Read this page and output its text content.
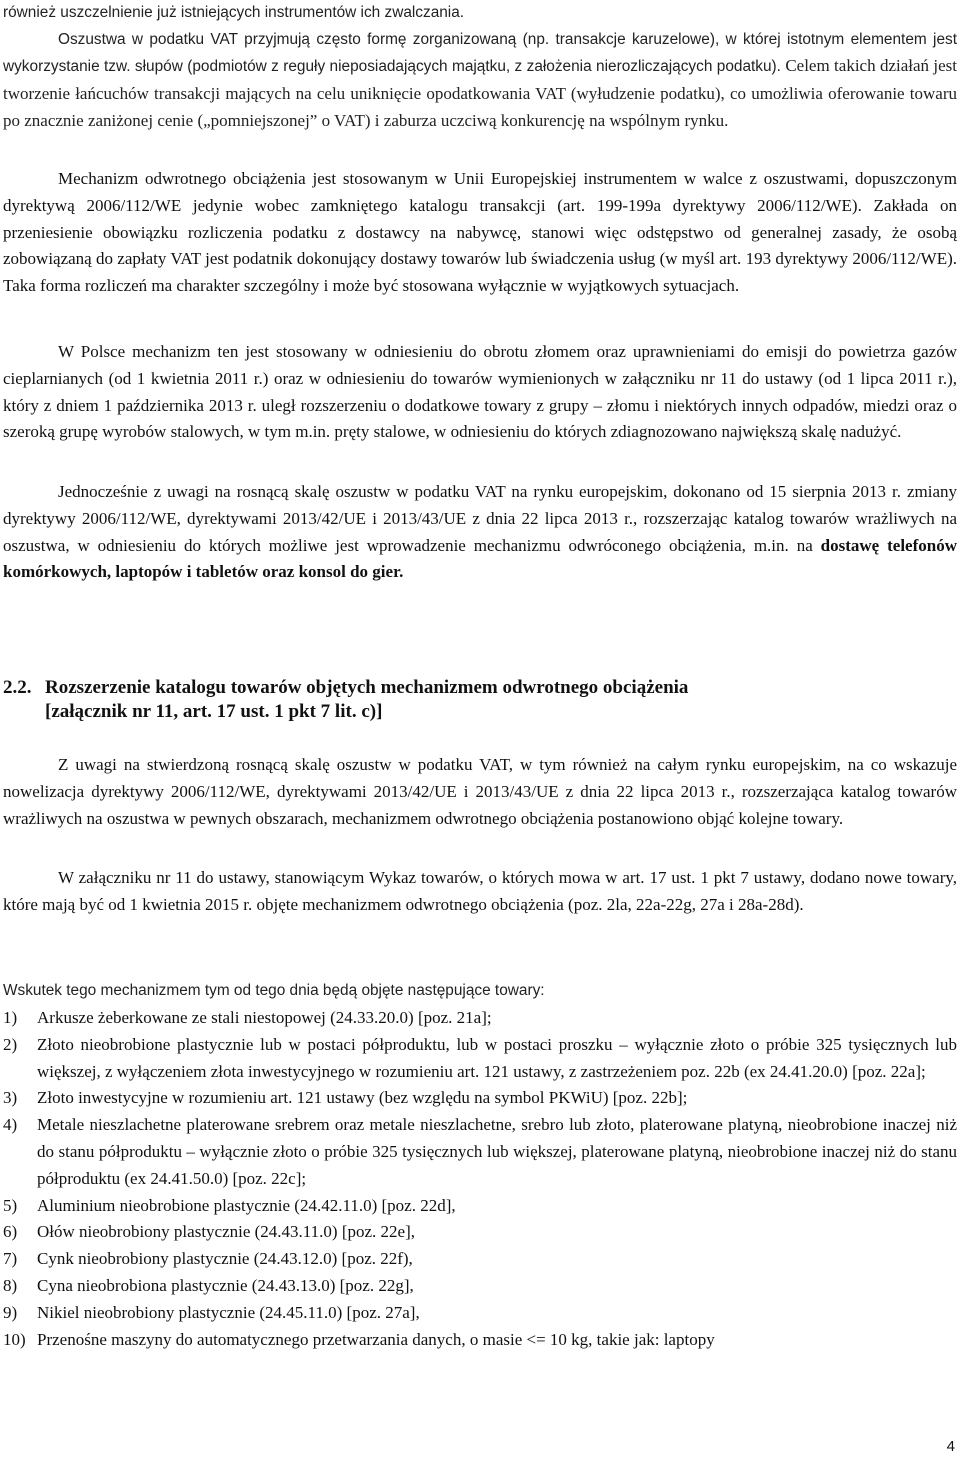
również uszczelnienie już istniejących instrumentów ich zwalczania.
Oszustwa w podatku VAT przyjmują często formę zorganizowaną (np. transakcje karuzelowe), w której istotnym elementem jest wykorzystanie tzw. słupów (podmiotów z reguły nieposiadających majątku, z założenia nierozliczających podatku). Celem takich działań jest tworzenie łańcuchów transakcji mających na celu uniknięcie opodatkowania VAT (wyłudzenie podatku), co umożliwia oferowanie towaru po znacznie zaniżonej cenie („pomniejszonej” o VAT) i zaburza uczciwą konkurencję na wspólnym rynku.

Mechanizm odwrotnego obciążenia jest stosowanym w Unii Europejskiej instrumentem w walce z oszustwami, dopuszczonym dyrektywą 2006/112/WE jedynie wobec zamkniętego katalogu transakcji (art. 199-199a dyrektywy 2006/112/WE). Zakłada on przeniesienie obowiązku rozliczenia podatku z dostawcy na nabywcę, stanowi więc odstępstwo od generalnej zasady, że osobą zobowiązaną do zapłaty VAT jest podatnik dokonujący dostawy towarów lub świadczenia usług (w myśl art. 193 dyrektywy 2006/112/WE). Taka forma rozliczeń ma charakter szczególny i może być stosowana wyłącznie w wyjątkowych sytuacjach.

W Polsce mechanizm ten jest stosowany w odniesieniu do obrotu złomem oraz uprawnieniami do emisji do powietrza gazów cieplarnianych (od 1 kwietnia 2011 r.) oraz w odniesieniu do towarów wymienionych w załączniku nr 11 do ustawy (od 1 lipca 2011 r.), który z dniem 1 października 2013 r. uległ rozszerzeniu o dodatkowe towary z grupy – złomu i niektórych innych odpadów, miedzi oraz o szeroką grupę wyrobów stalowych, w tym m.in. pręty stalowe, w odniesieniu do których zdiagnozowano największą skalę nadużyć.

Jednocześnie z uwagi na rosnącą skalę oszustw w podatku VAT na rynku europejskim, dokonano od 15 sierpnia 2013 r. zmiany dyrektywy 2006/112/WE, dyrektywami 2013/42/UE i 2013/43/UE z dnia 22 lipca 2013 r., rozszerzając katalog towarów wrażliwych na oszustwa, w odniesieniu do których możliwe jest wprowadzenie mechanizmu odwróconego obciążenia, m.in. na dostawę telefonów komórkowych, laptopów i tabletów oraz konsol do gier.

2.2. Rozszerzenie katalogu towarów objętych mechanizmem odwrotnego obciążenia
[załącznik nr 11, art. 17 ust. 1 pkt 7 lit. c)]

Z uwagi na stwierdzoną rosnącą skalę oszustw w podatku VAT, w tym również na całym rynku europejskim, na co wskazuje nowelizacja dyrektywy 2006/112/WE, dyrektywami 2013/42/UE i 2013/43/UE z dnia 22 lipca 2013 r., rozszerzająca katalog towarów wrażliwych na oszustwa w pewnych obszarach, mechanizmem odwrotnego obciążenia postanowiono objąć kolejne towary.

W załączniku nr 11 do ustawy, stanowiącym Wykaz towarów, o których mowa w art. 17 ust. 1 pkt 7 ustawy, dodano nowe towary, które mają być od 1 kwietnia 2015 r. objęte mechanizmem odwrotnego obciążenia (poz. 2la, 22a-22g, 27a i 28a-28d).

Wskutek tego mechanizmem tym od tego dnia będą objęte następujące towary:

1) Arkusze żeberkowane ze stali niestopowej (24.33.20.0) [poz. 21a];
2) Złoto nieobrobione plastycznie lub w postaci półproduktu, lub w postaci proszku – wyłącznie złoto o próbie 325 tysięcznych lub większej, z wyłączeniem złota inwestycyjnego w rozumieniu art. 121 ustawy, z zastrzeżeniem poz. 22b (ex 24.41.20.0) [poz. 22a];
3) Złoto inwestycyjne w rozumieniu art. 121 ustawy (bez względu na symbol PKWiU) [poz. 22b];
4) Metale nieszlachetne platerowane srebrem oraz metale nieszlachetne, srebro lub złoto, platerowane platyną, nieobrobione inaczej niż do stanu półproduktu – wyłącznie złoto o próbie 325 tysięcznych lub większej, platerowane platyną, nieobrobione inaczej niż do stanu półproduktu (ex 24.41.50.0) [poz. 22c];
5) Aluminium nieobrobione plastycznie (24.42.11.0) [poz. 22d],
6) Ołów nieobrobiony plastycznie (24.43.11.0) [poz. 22e],
7) Cynk nieobrobiony plastycznie (24.43.12.0) [poz. 22f),
8) Cyna nieobrobiona plastycznie (24.43.13.0) [poz. 22g],
9) Nikiel nieobrobiony plastycznie (24.45.11.0) [poz. 27a],
10) Przenośne maszyny do automatycznego przetwarzania danych, o masie <= 10 kg, takie jak: laptopy
4
